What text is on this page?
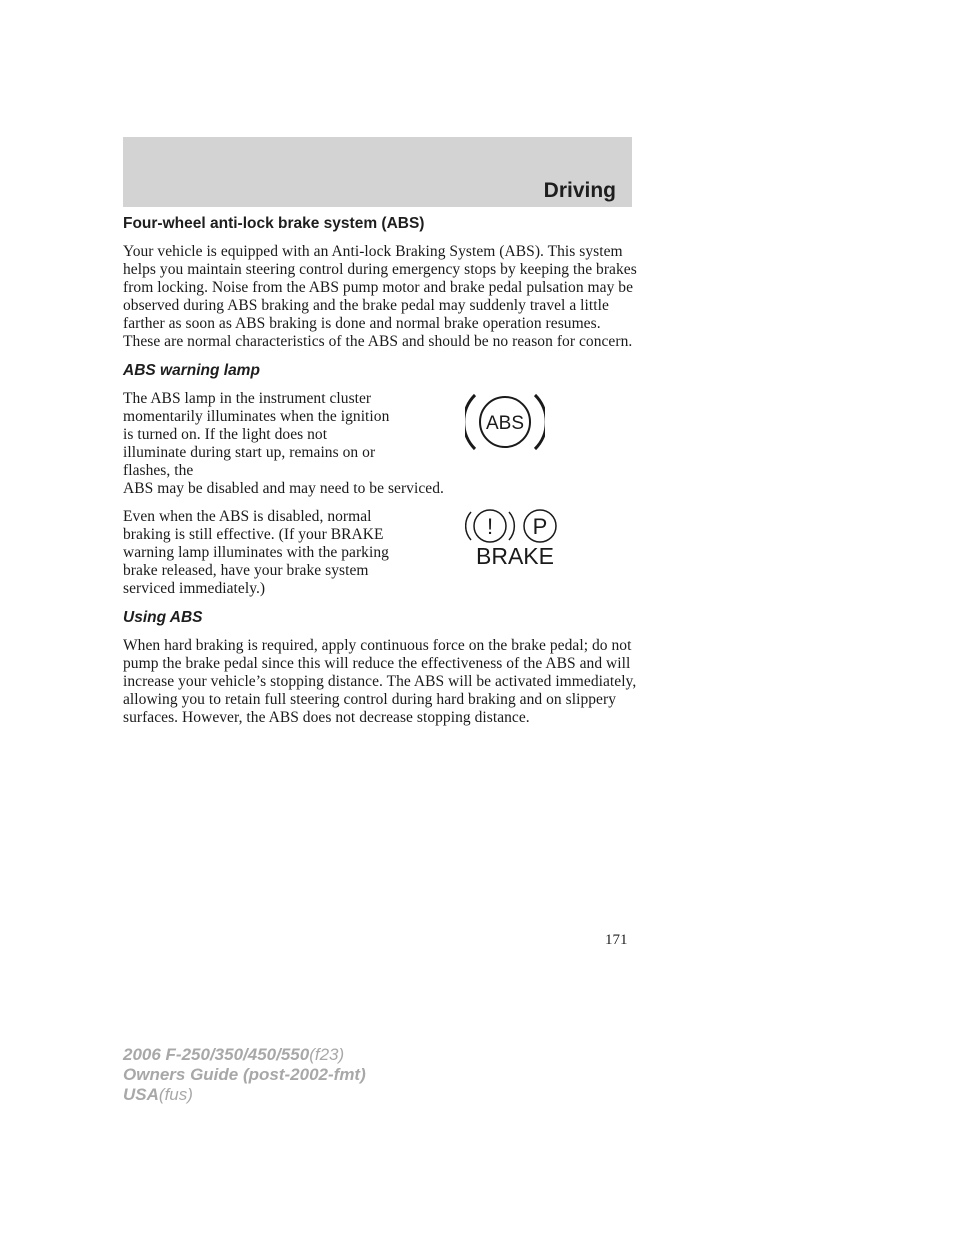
Driving
Four-wheel anti-lock brake system (ABS)

Your vehicle is equipped with an Anti-lock Braking System (ABS). This system helps you maintain steering control during emergency stops by keeping the brakes from locking. Noise from the ABS pump motor and brake pedal pulsation may be observed during ABS braking and the brake pedal may suddenly travel a little farther as soon as ABS braking is done and normal brake operation resumes. These are normal characteristics of the ABS and should be no reason for concern.

ABS warning lamp

The ABS lamp in the instrument cluster momentarily illuminates when the ignition is turned on. If the light does not illuminate during start up, remains on or flashes, the

ABS may be disabled and may need to be serviced.

ABS

Even when the ABS is disabled, normal braking is still effective. (If your BRAKE warning lamp illuminates with the parking brake released, have your brake system serviced immediately.)

! P
BRAKE
Using ABS

When hard braking is required, apply continuous force on the brake pedal; do not pump the brake pedal since this will reduce the effectiveness of the ABS and will increase your vehicle’s stopping distance. The ABS will be activated immediately, allowing you to retain full steering control during hard braking and on slippery surfaces. However, the ABS does not decrease stopping distance.

171
2006 F-250/350/450/550(f23)
Owners Guide (post-2002-fmt)
USA(fus)
